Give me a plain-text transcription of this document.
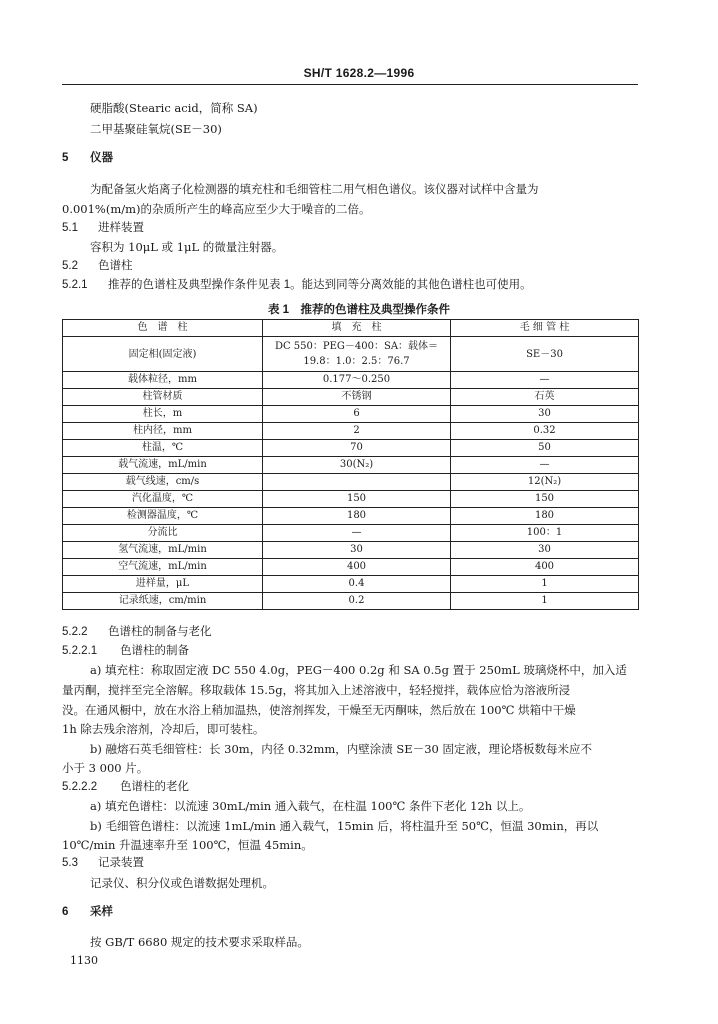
SH/T 1628.2—1996
硬脂酸(Stearic acid，简称 SA)
二甲基聚硅氧烷(SE－30)
5 仪器
为配备氢火焰离子化检测器的填充柱和毛细管柱二用气相色谱仪。该仪器对试样中含量为
0.001%(m/m)的杂质所产生的峰高应至少大于噪音的二倍。
5.1 进样装置
容积为 10μL 或 1μL 的微量注射器。
5.2 色谱柱
5.2.1 推荐的色谱柱及典型操作条件见表 1。能达到同等分离效能的其他色谱柱也可使用。
表 1　推荐的色谱柱及典型操作条件
色　谱　柱	填　充　柱	毛 细 管 柱
固定相(固定液)	DC 550：PEG－400：SA：载体＝
19.8：1.0：2.5：76.7	SE－30
载体粒径，mm	0.177～0.250	—
柱管材质	不锈钢	石英
柱长，m	6	30
柱内径，mm	2	0.32
柱温，℃	70	50
载气流速，mL/min	30(N₂)	—
载气线速，cm/s		12(N₂)
汽化温度，℃	150	150
检测器温度，℃	180	180
分流比	—	100：1
氢气流速，mL/min	30	30
空气流速，mL/min	400	400
进样量，μL	0.4	1
记录纸速，cm/min	0.2	1
5.2.2 色谱柱的制备与老化
5.2.2.1 色谱柱的制备
a) 填充柱：称取固定液 DC 550 4.0g，PEG－400 0.2g 和 SA 0.5g 置于 250mL 玻璃烧杯中，加入适
量丙酮，搅拌至完全溶解。移取载体 15.5g，将其加入上述溶液中，轻轻搅拌，载体应恰为溶液所浸
没。在通风橱中，放在水浴上稍加温热，使溶剂挥发，干燥至无丙酮味，然后放在 100℃ 烘箱中干燥
1h 除去残余溶剂，冷却后，即可装柱。
b) 融熔石英毛细管柱：长 30m，内径 0.32mm，内壁涂渍 SE－30 固定液，理论塔板数每米应不
小于 3 000 片。
5.2.2.2 色谱柱的老化
a) 填充色谱柱：以流速 30mL/min 通入载气，在柱温 100℃ 条件下老化 12h 以上。
b) 毛细管色谱柱：以流速 1mL/min 通入载气，15min 后，将柱温升至 50℃，恒温 30min，再以
10℃/min 升温速率升至 100℃，恒温 45min。
5.3 记录装置
记录仪、积分仪或色谱数据处理机。
6 采样
按 GB/T 6680 规定的技术要求采取样品。
1130
